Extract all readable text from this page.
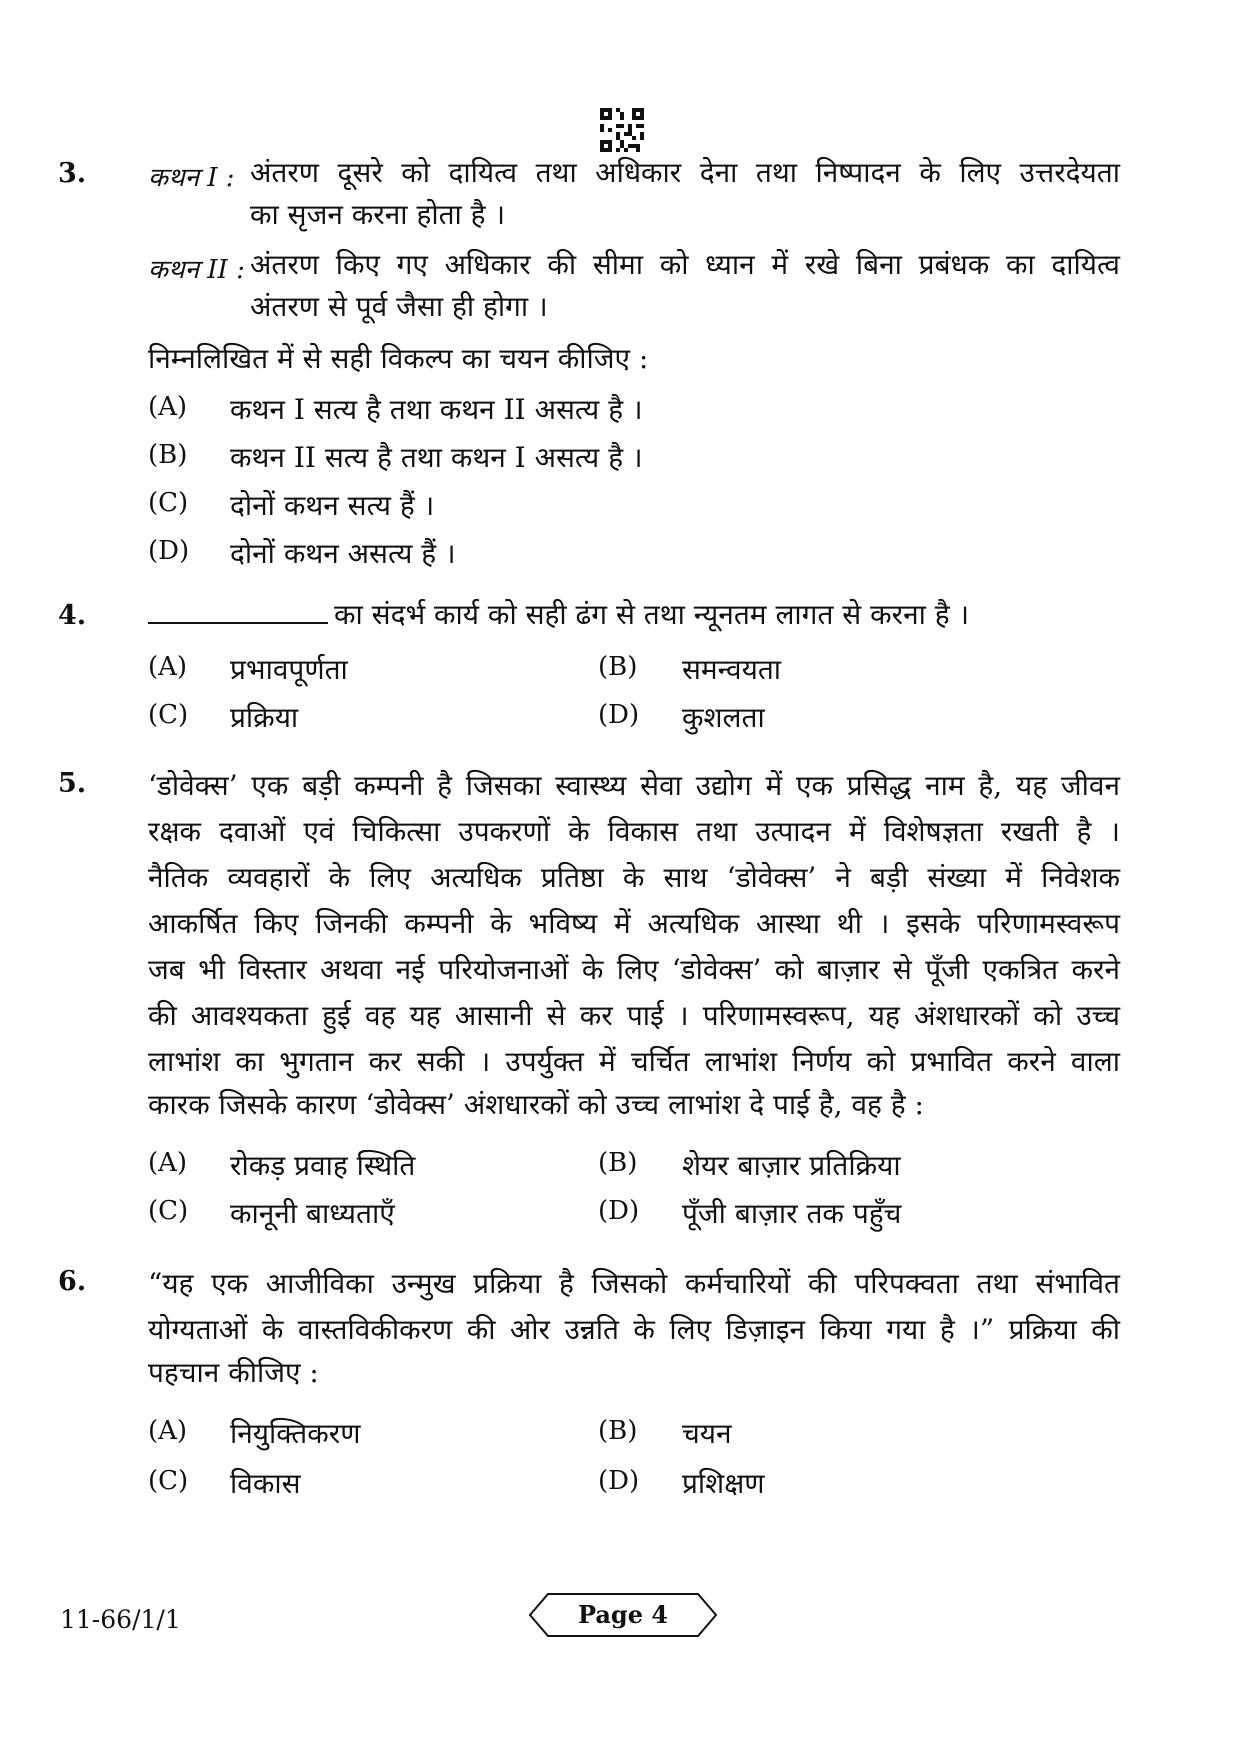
3. कथन I : अंतरण दूसरे को दायित्व तथा अधिकार देना तथा निष्पादन के लिए उत्तरदेयता
का सृजन करना होता है ।
कथन II : अंतरण किए गए अधिकार की सीमा को ध्यान में रखे बिना प्रबंधक का दायित्व
अंतरण से पूर्व जैसा ही होगा ।
निम्नलिखित में से सही विकल्प का चयन कीजिए :
(A) कथन I सत्य है तथा कथन II असत्य है ।
(B) कथन II सत्य है तथा कथन I असत्य है ।
(C) दोनों कथन सत्य हैं ।
(D) दोनों कथन असत्य हैं ।
4.	का संदर्भ कार्य को सही ढंग से तथा न्यूनतम लागत से करना है ।
(A) प्रभावपूर्णता	(B) समन्वयता
(C) प्रक्रिया	(D) कुशलता
5. ‘डोवेक्स’ एक बड़ी कम्पनी है जिसका स्वास्थ्य सेवा उद्योग में एक प्रसिद्ध नाम है, यह जीवन
रक्षक दवाओं एवं चिकित्सा उपकरणों के विकास तथा उत्पादन में विशेषज्ञता रखती है ।
नैतिक व्यवहारों के लिए अत्यधिक प्रतिष्ठा के साथ ‘डोवेक्स’ ने बड़ी संख्या में निवेशक
आकर्षित किए जिनकी कम्पनी के भविष्य में अत्यधिक आस्था थी । इसके परिणामस्वरूप
जब भी विस्तार अथवा नई परियोजनाओं के लिए ‘डोवेक्स’ को बाज़ार से पूँजी एकत्रित करने
की आवश्यकता हुई वह यह आसानी से कर पाई । परिणामस्वरूप, यह अंशधारकों को उच्च
लाभांश का भुगतान कर सकी । उपर्युक्त में चर्चित लाभांश निर्णय को प्रभावित करने वाला
कारक जिसके कारण ‘डोवेक्स’ अंशधारकों को उच्च लाभांश दे पाई है, वह है :
(A) रोकड़ प्रवाह स्थिति	(B) शेयर बाज़ार प्रतिक्रिया
(C) कानूनी बाध्यताएँ	(D) पूँजी बाज़ार तक पहुँच
6. “यह एक आजीविका उन्मुख प्रक्रिया है जिसको कर्मचारियों की परिपक्वता तथा संभावित
योग्यताओं के वास्तविकीकरण की ओर उन्नति के लिए डिज़ाइन किया गया है ।” प्रक्रिया की
पहचान कीजिए :
(A) नियुक्तिकरण	(B) चयन
(C) विकास	(D) प्रशिक्षण
11-66/1/1	Page 4
